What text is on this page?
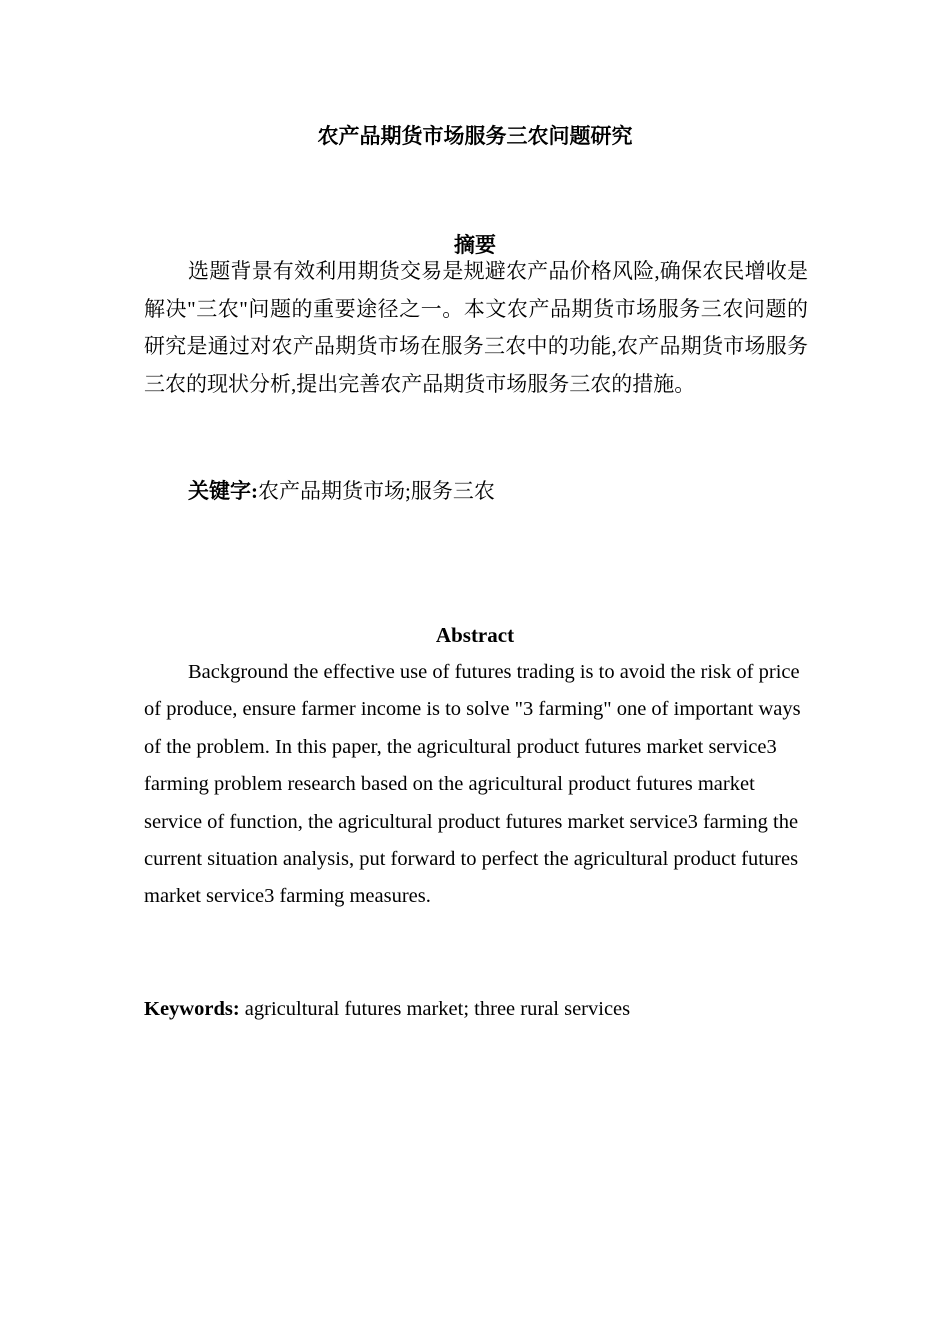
农产品期货市场服务三农问题研究
摘要

选题背景有效利用期货交易是规避农产品价格风险,确保农民增收是解决"三农"问题的重要途径之一。本文农产品期货市场服务三农问题的研究是通过对农产品期货市场在服务三农中的功能,农产品期货市场服务三农的现状分析,提出完善农产品期货市场服务三农的措施。

关键字:农产品期货市场;服务三农

Abstract

Background the effective use of futures trading is to avoid the risk of price of produce, ensure farmer income is to solve "3 farming" one of important ways of the problem. In this paper, the agricultural product futures market service3 farming problem research based on the agricultural product futures market service of function, the agricultural product futures market service3 farming the current situation analysis, put forward to perfect the agricultural product futures market service3 farming measures.

Keywords: agricultural futures market; three rural services
